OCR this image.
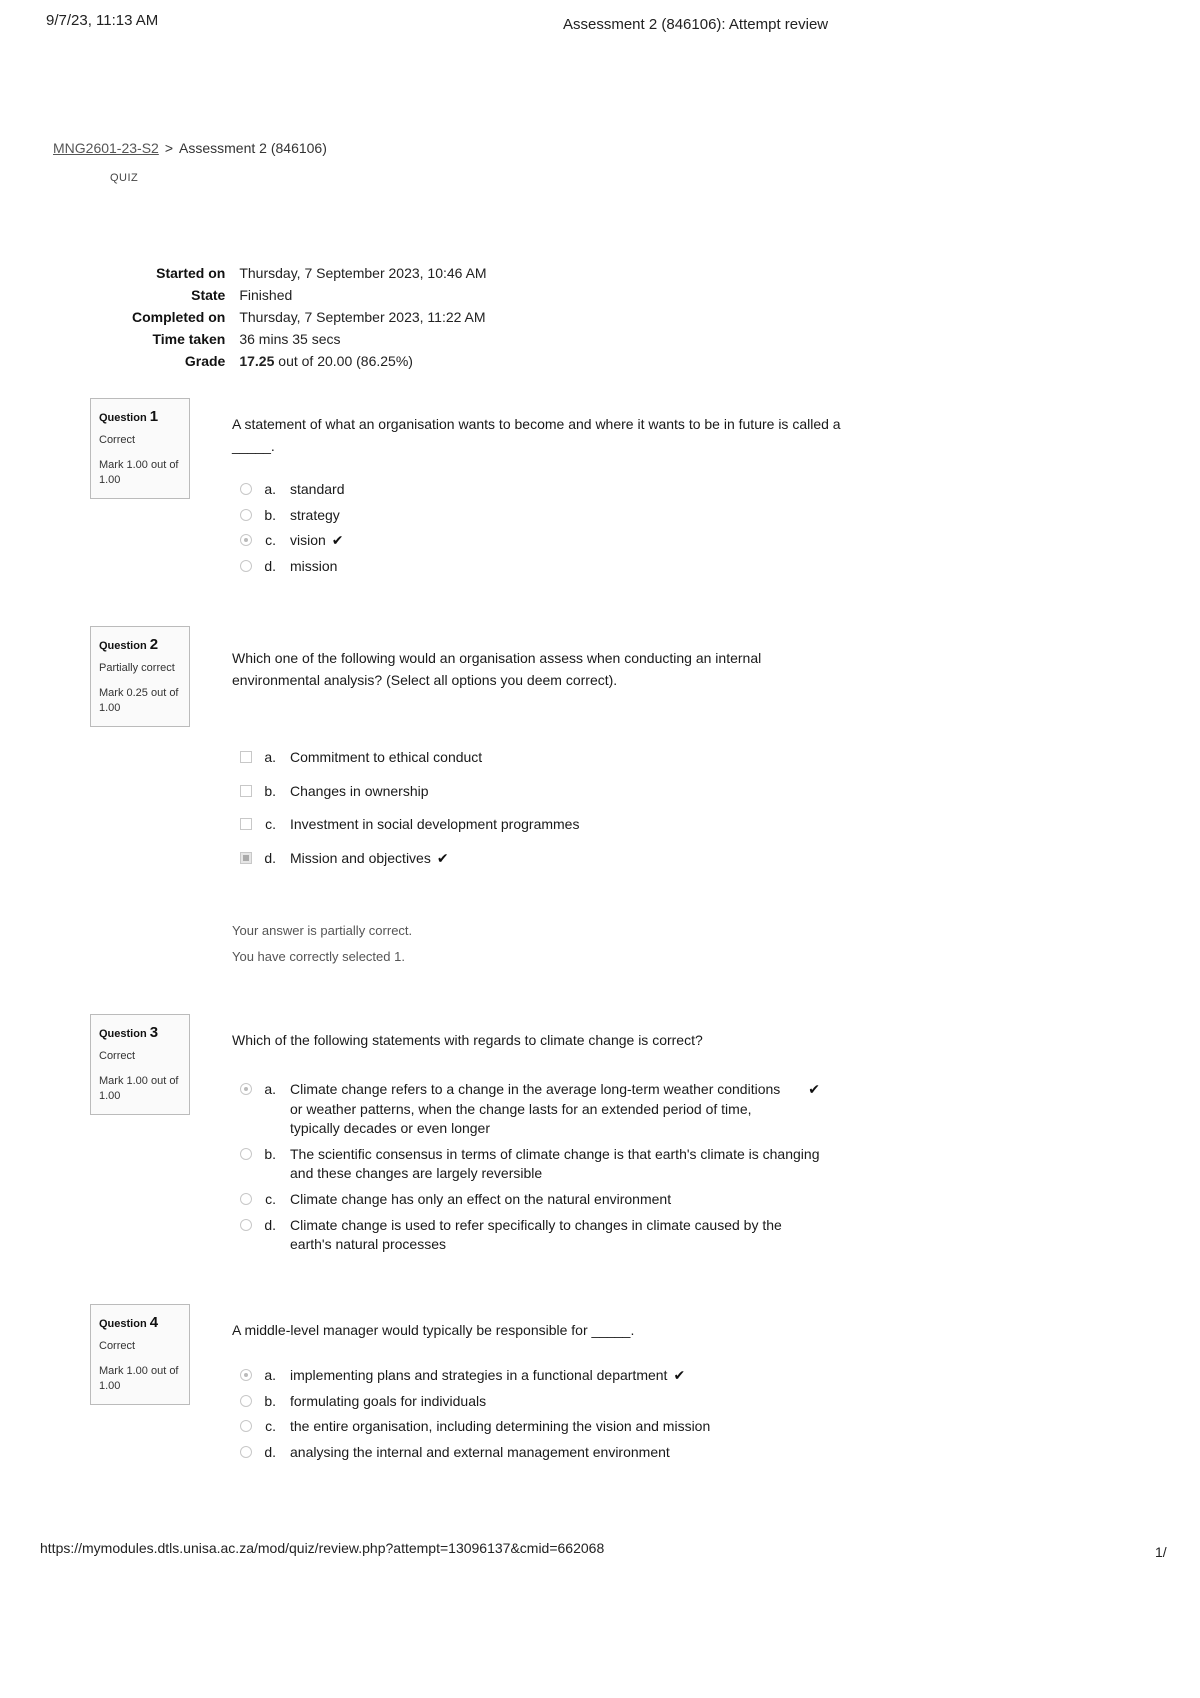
9/7/23, 11:13 AM	Assessment 2 (846106): Attempt review
MNG2601-23-S2 > Assessment 2 (846106)
QUIZ
Started on	Thursday, 7 September 2023, 10:46 AM
State	Finished
Completed on	Thursday, 7 September 2023, 11:22 AM
Time taken	36 mins 35 secs
Grade	17.25 out of 20.00 (86.25%)
Question 1
Correct
Mark 1.00 out of 1.00
A statement of what an organisation wants to become and where it wants to be in future is called a _____.
a. standard
b. strategy
c. vision ✔
d. mission
Question 2
Partially correct
Mark 0.25 out of 1.00
Which one of the following would an organisation assess when conducting an internal environmental analysis? (Select all options you deem correct).
a. Commitment to ethical conduct
b. Changes in ownership
c. Investment in social development programmes
d. Mission and objectives ✔
Your answer is partially correct.
You have correctly selected 1.
Question 3
Correct
Mark 1.00 out of 1.00
Which of the following statements with regards to climate change is correct?
a. Climate change refers to a change in the average long-term weather conditions or weather patterns, when the change lasts for an extended period of time, typically decades or even longer
✔
b. The scientific consensus in terms of climate change is that earth's climate is changing and these changes are largely reversible
c. Climate change has only an effect on the natural environment
d. Climate change is used to refer specifically to changes in climate caused by the earth's natural processes
Question 4
Correct
Mark 1.00 out of 1.00
A middle-level manager would typically be responsible for _____.
a. implementing plans and strategies in a functional department ✔
b. formulating goals for individuals
c. the entire organisation, including determining the vision and mission
d. analysing the internal and external management environment
https://mymodules.dtls.unisa.ac.za/mod/quiz/review.php?attempt=13096137&cmid=662068	1/
